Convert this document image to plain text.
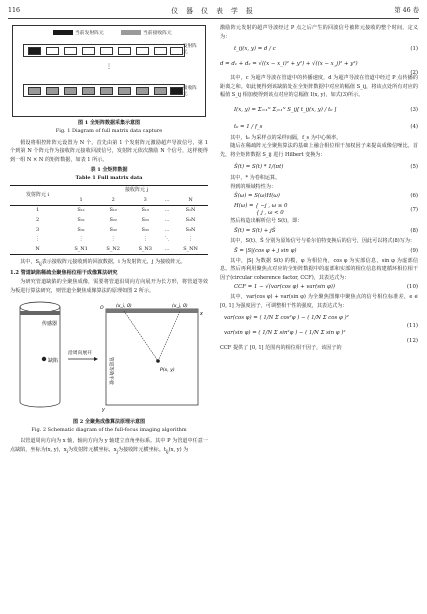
116	仪 器 仪 表 学 报	第 46 卷
当前发射阵元	当前接收阵元
发射阵元
接收阵元
⋮

图 1 全矩阵数据采集示意图

Fig. 1 Diagram of full matrix data capture

假设将相控阵阵元设置为 N 个，首先由第 1 个发射阵元激励超声导波信号，第 1 个到第 N 个阵元作为接收阵元接收回波信号，发射阵元依次激励 N 个信号，这样便得到一组 N × N 的矩阵数据，如表 1 所示。

表 1 全矩阵数据

Table 1 Full matrix data

发射阵元 i	接收阵元 j				
	1	2	3	…	N
1	S₁₁	S₁₂	S₁₃	…	S₁N
2	S₂₁	S₂₂	S₂₃	…	S₂N
3	S₃₁	S₃₂	S₃₃	…	S₃N
⋮	⋮	⋮	⋮	⋱	⋮
N	S_N1	S_N2	S_N3	…	S_NN

其中，$S_{ij}$表示接收阵元接收到的回波数据，i 为发射阵元，j 为接收阵元。

1.2 管道缺陷稀疏全聚焦相位相干成像算法研究

为研究管道缺陷的全聚焦成像，需要将管道沿周向方向展开为长方形，将管道等效为板进行算法研究，则管道全聚焦成像算法的原理如图 2 所示。

传感器
缺陷
沿周向展开
管道等效平板	P(x, y)
(x_i, 0)	(x_j, 0)
O
x
y

图 2 全聚焦成像算法原理示意图

Fig. 2 Schematic diagram of the full-focus imaging algorithm

以管道周向方向为 x 轴，轴向方向为 y 轴建立直角坐标系。其中 P 为管道中任意一点缺陷，坐标为(x, y)，$x_i$为发射阵元横坐标，$x_j$为接收阵元横坐标。$t_{ij}(x$, y) 为

激励阵元发射的超声导波经过 P 点之后产生的回波信号被阵元接收的整个时间，定义为：

t_ij(x, y) = d / c	(1)
d = d₁ + d₂ = √((x − x_i)² + y²) + √((x − x_j)² + y²)
(2)

其中，c 为超声导波在管道中的传播速度，d 为超声导波在管道中经过 P 点传播的距离之和。如此便得到该缺陷处在全矩阵数据中对应的幅值 S_ij，将该点处所有对应的幅值 S_ij 相加便得到该点对应的总幅值 I(x, y)，如式(3)所示。

I(x, y) = Σᵢ₌₁ᴺ Σⱼ₌₁ᴺ S_ij[ t_ij(x, y) / t₀ ]	(3)
t₀ = 1 / f_s	(4)

其中，t₀ 为采样点的采样间隔，f_s 为中心频率。

随后在稀疏阵元全聚焦算法的基础上融合相位相干加权因子来提高成像信噪比。首先，将全矩阵数据 S_ij 进行 Hilbert 变换为：

Ŝ(t) = S(t) * 1/(πt)	(5)

其中，* 为卷积运算。

得到的频域特性为：

Ŝ(ω) = S(ω)H(ω)	(6)
H(ω) = { −j , ω ≥ 0
{ j , ω < 0	(7)

然后构造出解析信号 S(t)，即：

S̄(t) = S(t) + jŜ	(8)

其中，S(t)、Ŝ 分别为原始信号与希尔伯特变换后的信号，因此可以将式(8)写为：

S̄ = |S|(cos φ + j sin φ)	(9)

其中，|S| 为数据 S(t) 的模，φ 为相位角，cos φ 为实部信息，sin φ 为虚部信息。然后再利用聚焦点对应的全矩阵数据中的虚部和实部的相位信息构建循环相位相干因子(circular coherence factor, CCF)，其表达式为：

CCF = 1 − √(var(cos φ) + var(sin φ))	(10)

其中，var(cos φ) + var(sin φ) 为全聚焦图像中聚焦点的信号相位标准差，e ∈ [0, 1] 为强度因子，可调整相干性的强度，其表达式为：

var(cos φ) = ( 1/N Σ cos²φ ) − ( 1/N Σ cos φ )²
(11)
var(sin φ) = ( 1/N Σ sin²φ ) − ( 1/N Σ sin φ )²
(12)

CCF 提供了 [0, 1] 范围内的相位相干因子，该因子的
